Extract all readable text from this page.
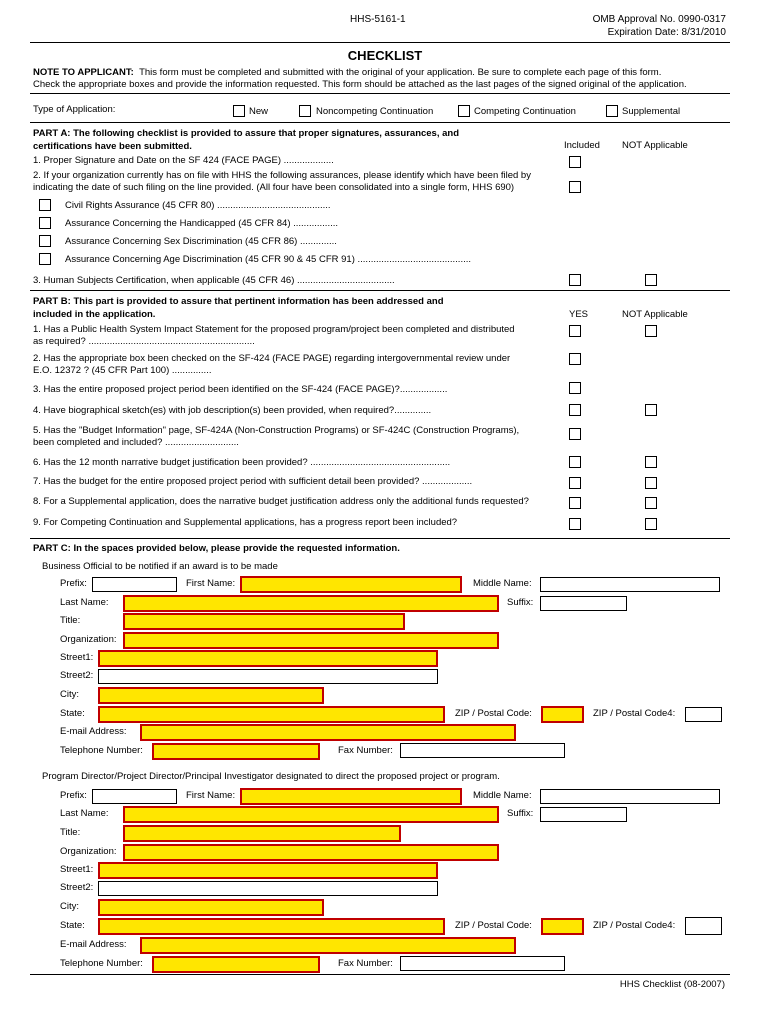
HHS-5161-1	OMB Approval No. 0990-0317
Expiration Date: 8/31/2010
CHECKLIST
NOTE TO APPLICANT: This form must be completed and submitted with the original of your application. Be sure to complete each page of this form.
Check the appropriate boxes and provide the information requested. This form should be attached as the last pages of the signed original of the application.
Type of Application:	New	Noncompeting Continuation	Competing Continuation	Supplemental
PART A: The following checklist is provided to assure that proper signatures, assurances, and
certifications have been submitted.	Included NOT Applicable
1. Proper Signature and Date on the SF 424 (FACE PAGE) ...................
2. If your organization currently has on file with HHS the following assurances, please identify which have been filed by
indicating the date of such filing on the line provided. (All four have been consolidated into a single form, HHS 690)
Civil Rights Assurance (45 CFR 80) ...........................................
Assurance Concerning the Handicapped (45 CFR 84) .................
Assurance Concerning Sex Discrimination (45 CFR 86) ..............
Assurance Concerning Age Discrimination (45 CFR 90 & 45 CFR 91) ...........................................
3. Human Subjects Certification, when applicable (45 CFR 46) .....................................
PART B: This part is provided to assure that pertinent information has been addressed and
included in the application.	YES	NOT Applicable
1. Has a Public Health System Impact Statement for the proposed program/project been completed and distributed
as required? ...............................................................
2. Has the appropriate box been checked on the SF-424 (FACE PAGE) regarding intergovernmental review under
E.O. 12372 ? (45 CFR Part 100) ...............
3. Has the entire proposed project period been identified on the SF-424 (FACE PAGE)?..................
4. Have biographical sketch(es) with job description(s) been provided, when required?..............
5. Has the "Budget Information" page, SF-424A (Non-Construction Programs) or SF-424C (Construction Programs),
been completed and included? ............................
6. Has the 12 month narrative budget justification been provided? .....................................................
7. Has the budget for the entire proposed project period with sufficient detail been provided? ...................
8. For a Supplemental application, does the narrative budget justification address only the additional funds requested?
9. For Competing Continuation and Supplemental applications, has a progress report been included?
PART C: In the spaces provided below, please provide the requested information.
Business Official to be notified if an award is to be made
Prefix:	First Name:	Middle Name:
Last Name:	Suffix:
Title:
Organization:
Street1:
Street2:
City:
State:	ZIP / Postal Code:	ZIP / Postal Code4:
E-mail Address:
Telephone Number:	Fax Number:
Program Director/Project Director/Principal Investigator designated to direct the proposed project or program.
Prefix:	First Name:	Middle Name:
Last Name:	Suffix:
Title:
Organization:
Street1:
Street2:
City:
State:	ZIP / Postal Code:	ZIP / Postal Code4:
E-mail Address:
Telephone Number:	Fax Number:
HHS Checklist (08-2007)
